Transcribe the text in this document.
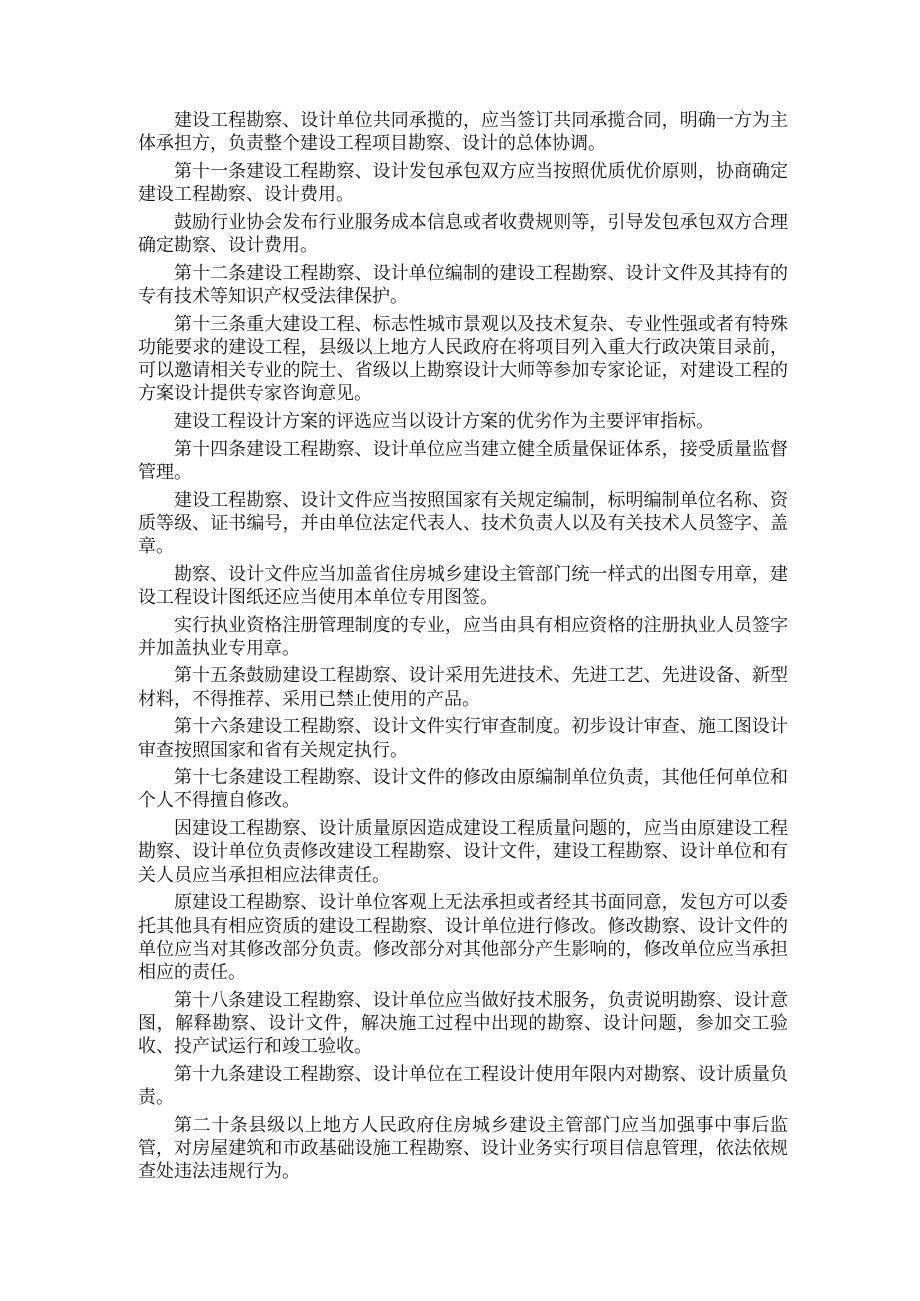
建设工程勘察、设计单位共同承揽的，应当签订共同承揽合同，明确一方为主体承担方，负责整个建设工程项目勘察、设计的总体协调。

第十一条建设工程勘察、设计发包承包双方应当按照优质优价原则，协商确定建设工程勘察、设计费用。

鼓励行业协会发布行业服务成本信息或者收费规则等，引导发包承包双方合理确定勘察、设计费用。

第十二条建设工程勘察、设计单位编制的建设工程勘察、设计文件及其持有的专有技术等知识产权受法律保护。

第十三条重大建设工程、标志性城市景观以及技术复杂、专业性强或者有特殊功能要求的建设工程，县级以上地方人民政府在将项目列入重大行政决策目录前，可以邀请相关专业的院士、省级以上勘察设计大师等参加专家论证，对建设工程的方案设计提供专家咨询意见。

建设工程设计方案的评选应当以设计方案的优劣作为主要评审指标。

第十四条建设工程勘察、设计单位应当建立健全质量保证体系，接受质量监督管理。

建设工程勘察、设计文件应当按照国家有关规定编制，标明编制单位名称、资质等级、证书编号，并由单位法定代表人、技术负责人以及有关技术人员签字、盖章。

勘察、设计文件应当加盖省住房城乡建设主管部门统一样式的出图专用章，建设工程设计图纸还应当使用本单位专用图签。

实行执业资格注册管理制度的专业，应当由具有相应资格的注册执业人员签字并加盖执业专用章。

第十五条鼓励建设工程勘察、设计采用先进技术、先进工艺、先进设备、新型材料，不得推荐、采用已禁止使用的产品。

第十六条建设工程勘察、设计文件实行审查制度。初步设计审查、施工图设计审查按照国家和省有关规定执行。

第十七条建设工程勘察、设计文件的修改由原编制单位负责，其他任何单位和个人不得擅自修改。

因建设工程勘察、设计质量原因造成建设工程质量问题的，应当由原建设工程勘察、设计单位负责修改建设工程勘察、设计文件，建设工程勘察、设计单位和有关人员应当承担相应法律责任。

原建设工程勘察、设计单位客观上无法承担或者经其书面同意，发包方可以委托其他具有相应资质的建设工程勘察、设计单位进行修改。修改勘察、设计文件的单位应当对其修改部分负责。修改部分对其他部分产生影响的，修改单位应当承担相应的责任。

第十八条建设工程勘察、设计单位应当做好技术服务，负责说明勘察、设计意图，解释勘察、设计文件，解决施工过程中出现的勘察、设计问题，参加交工验收、投产试运行和竣工验收。

第十九条建设工程勘察、设计单位在工程设计使用年限内对勘察、设计质量负责。

第二十条县级以上地方人民政府住房城乡建设主管部门应当加强事中事后监管，对房屋建筑和市政基础设施工程勘察、设计业务实行项目信息管理，依法依规查处违法违规行为。
